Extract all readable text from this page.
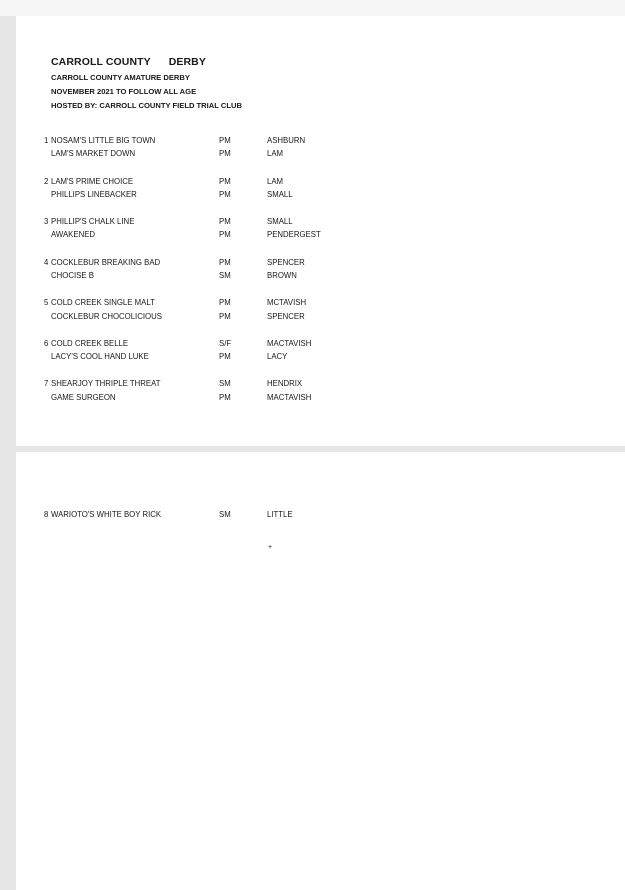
CARROLL COUNTY      DERBY
CARROLL COUNTY AMATURE DERBY
NOVEMBER 2021 TO FOLLOW ALL AGE
HOSTED BY: CARROLL COUNTY FIELD TRIAL CLUB
1 NOSAM'S LITTLE BIG TOWN	PM	ASHBURN
LAM'S MARKET DOWN	PM	LAM
2 LAM'S PRIME CHOICE	PM	LAM
PHILLIPS LINEBACKER	PM	SMALL
3 PHILLIP'S CHALK LINE	PM	SMALL
AWAKENED	PM	PENDERGEST
4 COCKLEBUR BREAKING BAD	PM	SPENCER
CHOCISE B	SM	BROWN
5 COLD CREEK SINGLE MALT	PM	MCTAVISH
COCKLEBUR CHOCOLICIOUS	PM	SPENCER
6 COLD CREEK BELLE	S/F	MACTAVISH
LACY'S COOL HAND LUKE	PM	LACY
7 SHEARJOY THRIPLE THREAT	SM	HENDRIX
GAME SURGEON	PM	MACTAVISH
8 WARIOTO'S WHITE BOY RICK	SM	LITTLE
+
